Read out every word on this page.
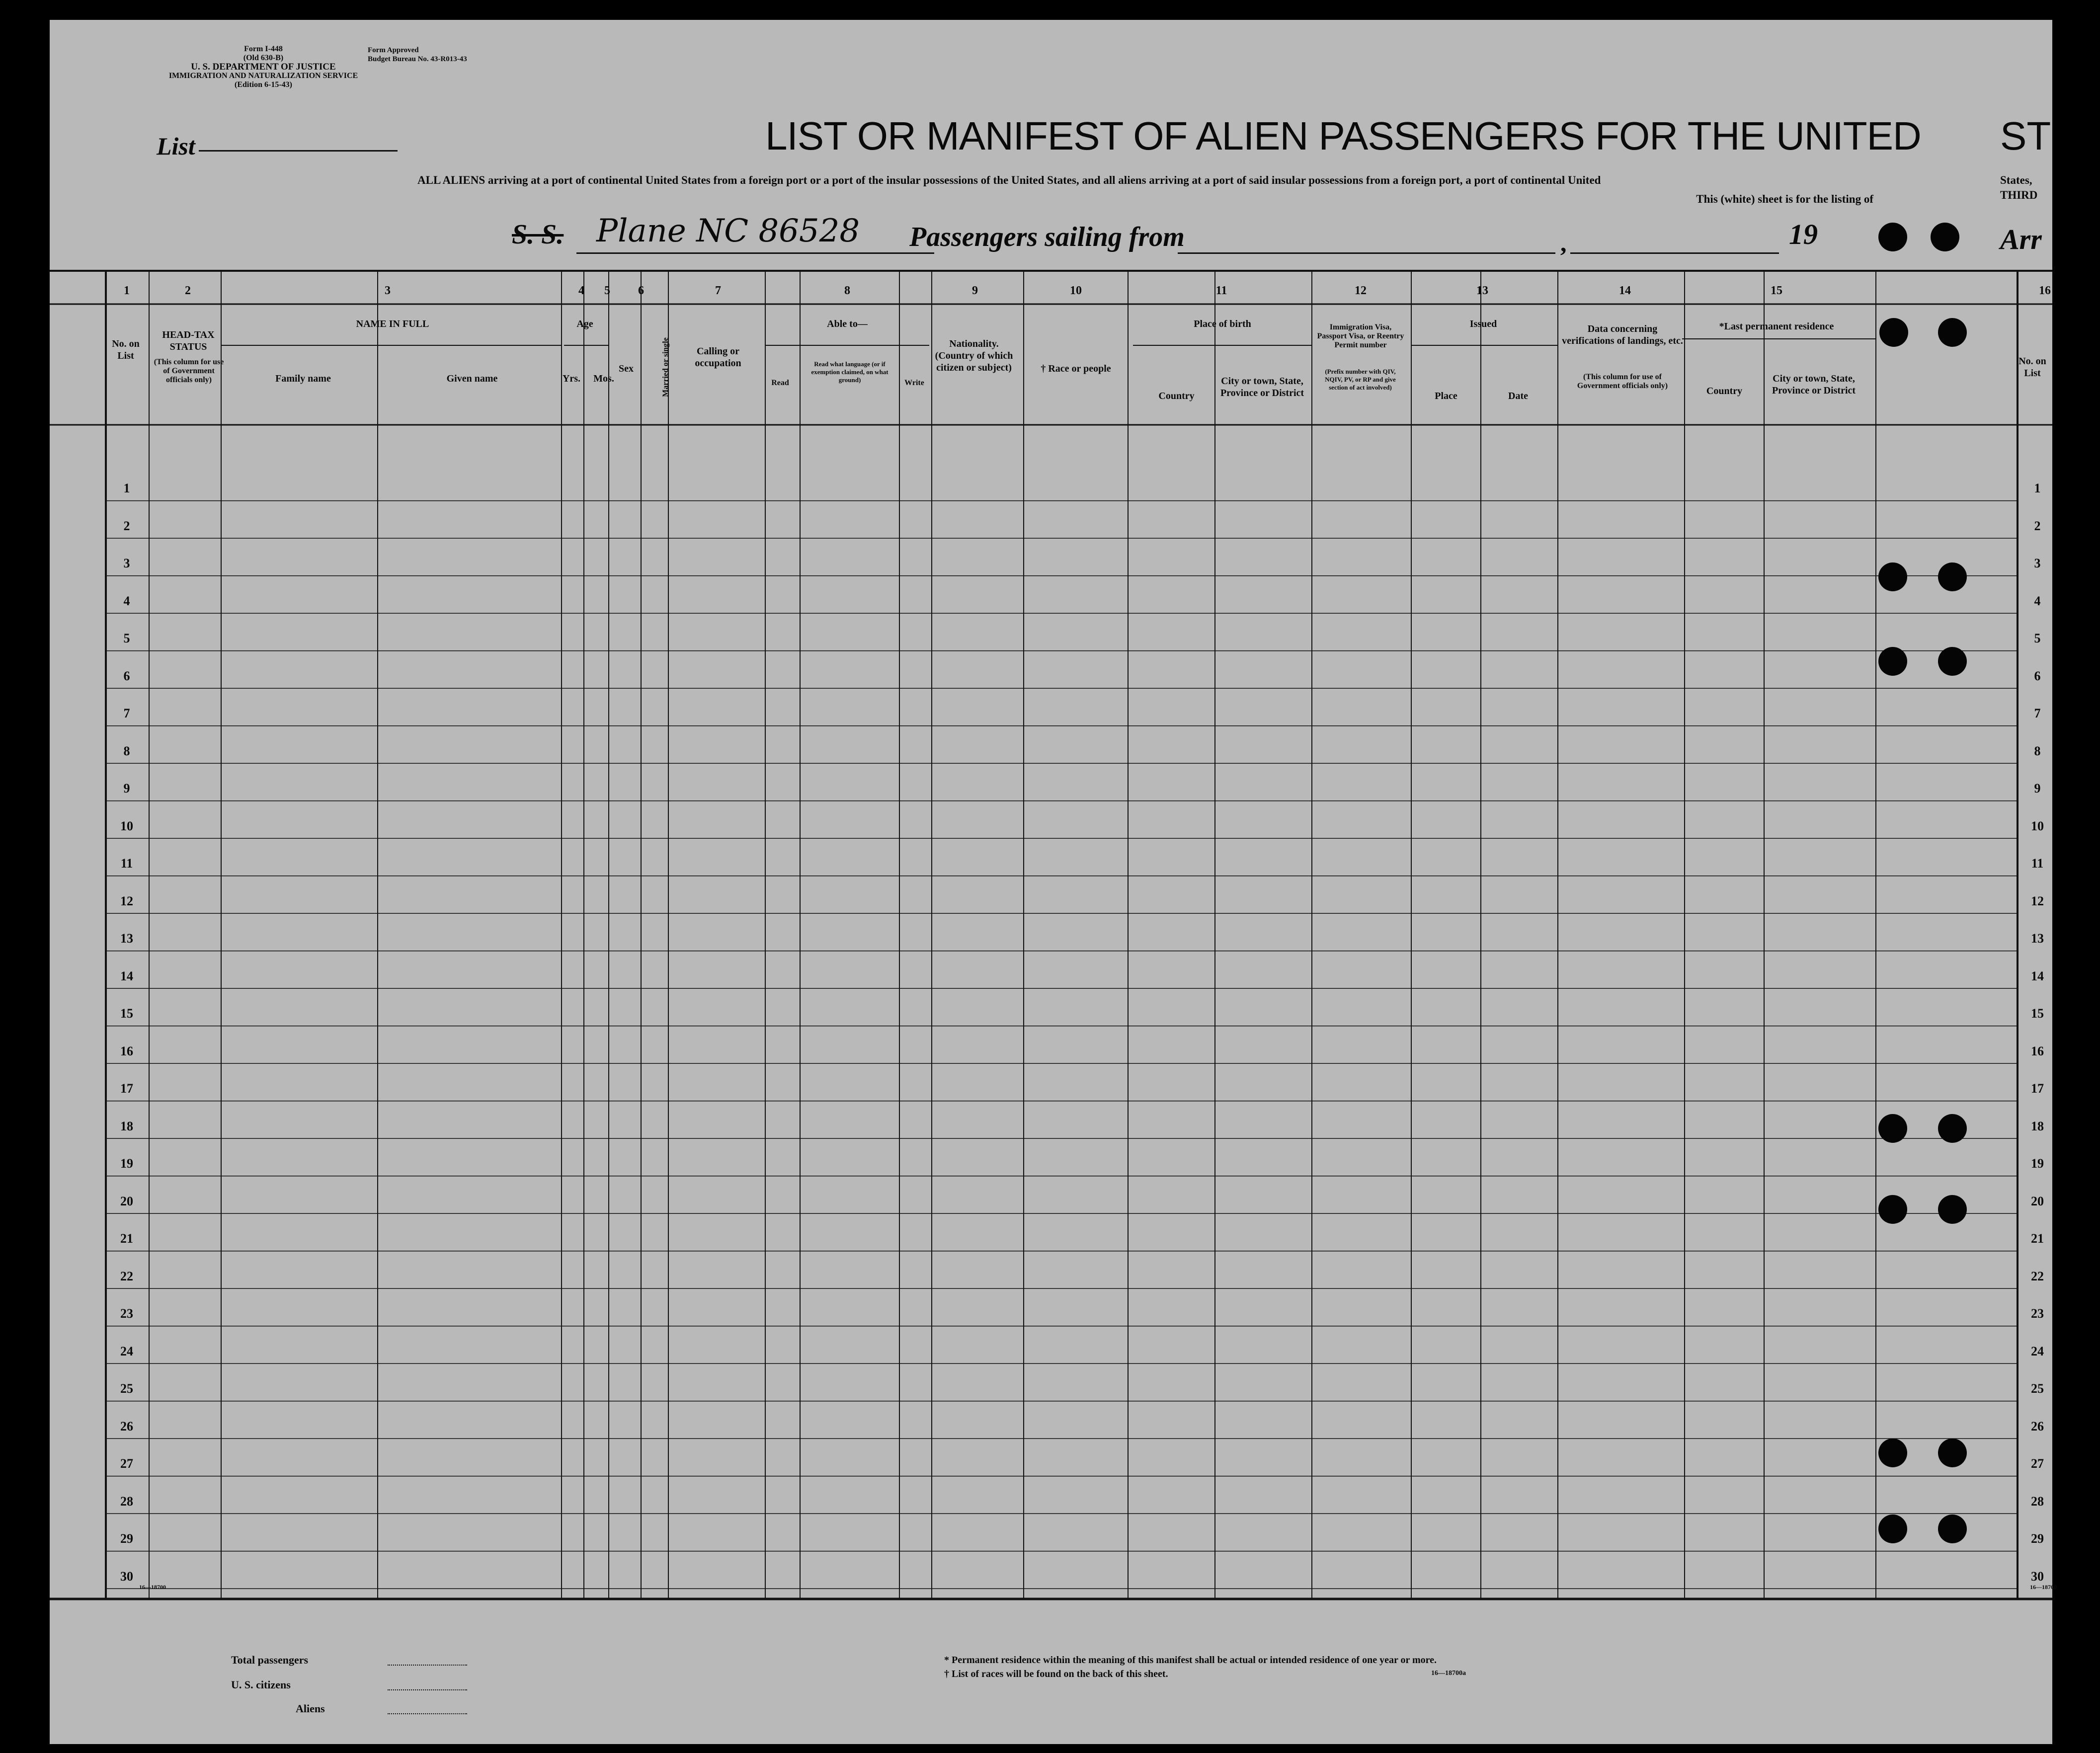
Form I-448
(Old 630-B)
U. S. DEPARTMENT OF JUSTICE
IMMIGRATION AND NATURALIZATION SERVICE
(Edition 6-15-43)
Form Approved
Budget Bureau No. 43-R013-43
List	LIST OR MANIFEST OF ALIEN PASSENGERS FOR THE UNITED ST
ALL ALIENS arriving at a port of continental United States from a foreign port or a port of the insular possessions of the United States, and all aliens arriving at a port of said insular possessions from a foreign port, a port of continental United
This (white) sheet is for the listing of
States,
THIRD
S. S. Plane NC 86528 Passengers sailing from	,	19	Arr
1	2	3	4 5 6	7	8	9	10	11	12	13	14	15	16
No. on List
HEAD-TAX STATUS
(This column for use of Government officials only)
NAME IN FULL
Family name	Given name
Age
Yrs.	Mos.
Sex	Married or single	Calling or occupation
Able to—
Read
Read what language (or if exemption claimed, on what ground)	Write
Nationality. (Country of which citizen or subject)	† Race or people
Place of birth
Country
City or town, State, Province or District
Immigration Visa, Passport Visa, or Reentry Permit number
(Prefix number with QIV, NQIV, PV, or RP and give section of act involved)
Issued
Place	Date
Data concerning verifications of landings, etc.
(This column for use of Government officials only)
*Last permanent residence
Country
City or town, State, Province or District
No. on List
1	1
2	2
3	3
4	4
5	5
6	6
7	7
8	8
9	9
10	10
11	11
12	12
13	13
14	14
15	15
16	16
17	17
18	18
19	19
20	20
21	21
22	22
23	23
24	24
25	25
26	26
27	27
28	28
29	29
30	30
Total passengers
U. S. citizens
Aliens
* Permanent residence within the meaning of this manifest shall be actual or intended residence of one year or more.
† List of races will be found on the back of this sheet.	16—18700a
16—18700	16—18700
